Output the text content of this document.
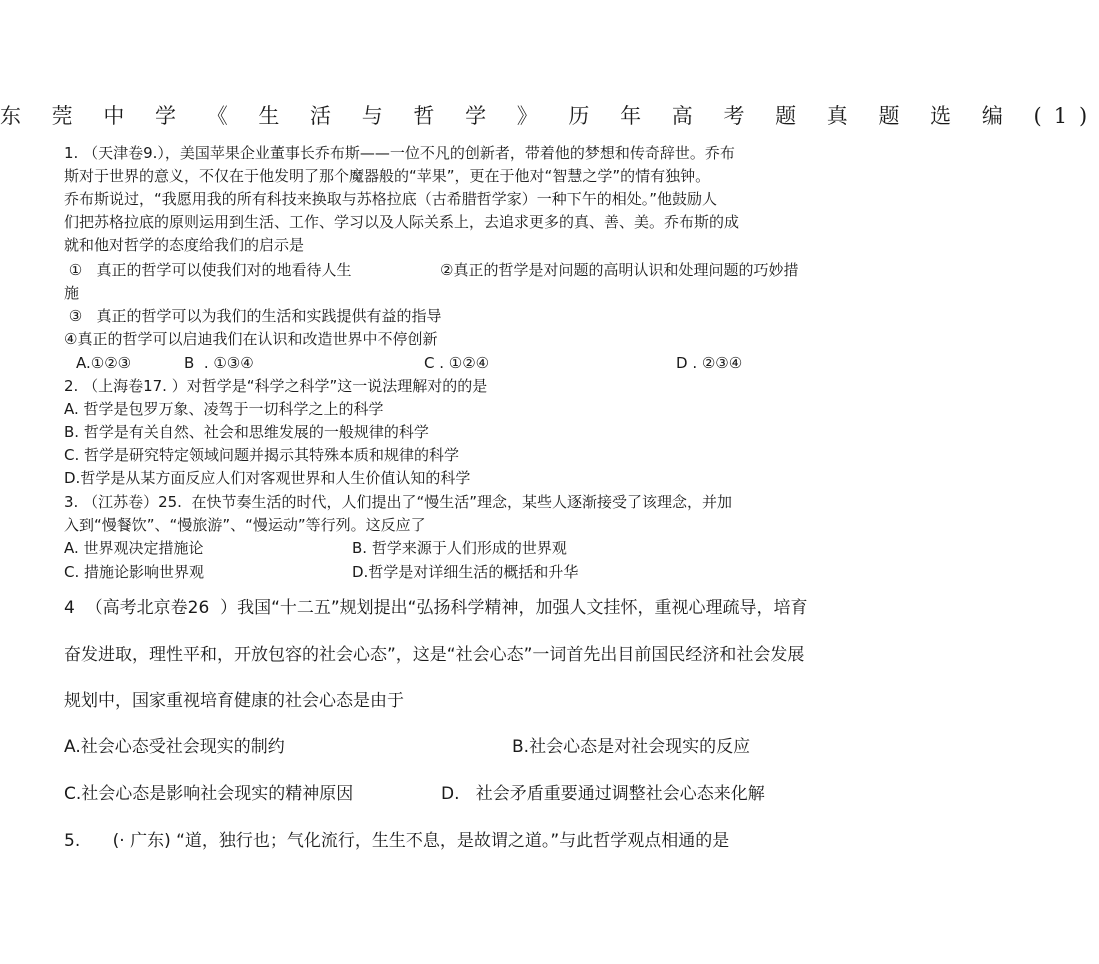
东 莞 中 学 《 生 活 与 哲 学 》 历 年 高 考 题 真 题 选 编 (1)
1. （天津卷9.），美国苹果企业董事长乔布斯——一位不凡的创新者，带着他的梦想和传奇辞世。乔布
斯对于世界的意义，不仅在于他发明了那个魔器般的“苹果”，更在于他对“智慧之学”的情有独钟。
乔布斯说过，“我愿用我的所有科技来换取与苏格拉底（古希腊哲学家）一种下午的相处。”他鼓励人
们把苏格拉底的原则运用到生活、工作、学习以及人际关系上，去追求更多的真、善、美。乔布斯的成
就和他对哲学的态度给我们的启示是
①   真正的哲学可以使我们对的地看待人生	②真正的哲学是对问题的高明认识和处理问题的巧妙措
施
③   真正的哲学可以为我们的生活和实践提供有益的指导
④真正的哲学可以启迪我们在认识和改造世界中不停创新
A.①②③	B  . ①③④	C . ①②④	D . ②③④
2. （上海卷17. ）对哲学是“科学之科学”这一说法理解对的的是
A. 哲学是包罗万象、凌驾于一切科学之上的科学
B. 哲学是有关自然、社会和思维发展的一般规律的科学
C. 哲学是研究特定领域问题并揭示其特殊本质和规律的科学
D.哲学是从某方面反应人们对客观世界和人生价值认知的科学
3. （江苏卷）25.  在快节奏生活的时代，人们提出了“慢生活”理念，某些人逐渐接受了该理念，并加
入到“慢餐饮”、“慢旅游”、“慢运动”等行列。这反应了
A. 世界观决定措施论	B. 哲学来源于人们形成的世界观
C. 措施论影响世界观	D.哲学是对详细生活的概括和升华
4  （高考北京卷26  ）我国“十二五”规划提出“弘扬科学精神，加强人文挂怀，重视心理疏导，培育
奋发进取，理性平和，开放包容的社会心态”，这是“社会心态”一词首先出目前国民经济和社会发展
规划中，国家重视培育健康的社会心态是由于
A.社会心态受社会现实的制约	B.社会心态是对社会现实的反应
C.社会心态是影响社会现实的精神原因	D.   社会矛盾重要通过调整社会心态来化解
5.      (· 广东) “道，独行也；气化流行，生生不息，是故谓之道。”与此哲学观点相通的是
